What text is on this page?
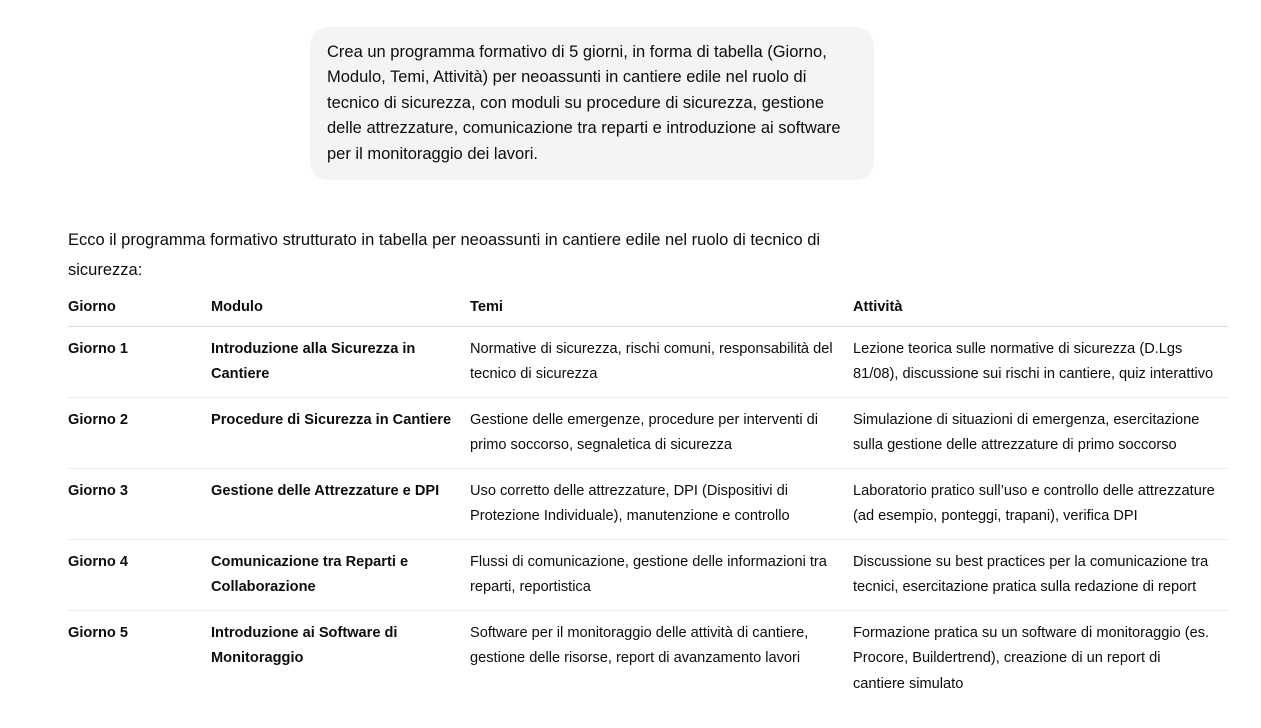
Crea un programma formativo di 5 giorni, in forma di tabella (Giorno, Modulo, Temi, Attività) per neoassunti in cantiere edile nel ruolo di tecnico di sicurezza, con moduli su procedure di sicurezza, gestione delle attrezzature, comunicazione tra reparti e introduzione ai software per il monitoraggio dei lavori.

Ecco il programma formativo strutturato in tabella per neoassunti in cantiere edile nel ruolo di tecnico di sicurezza:

Giorno	Modulo	Temi	Attività
Giorno 1	Introduzione alla Sicurezza in Cantiere	Normative di sicurezza, rischi comuni, responsabilità del tecnico di sicurezza	Lezione teorica sulle normative di sicurezza (D.Lgs 81/08), discussione sui rischi in cantiere, quiz interattivo
Giorno 2	Procedure di Sicurezza in Cantiere	Gestione delle emergenze, procedure per interventi di primo soccorso, segnaletica di sicurezza	Simulazione di situazioni di emergenza, esercitazione sulla gestione delle attrezzature di primo soccorso
Giorno 3	Gestione delle Attrezzature e DPI	Uso corretto delle attrezzature, DPI (Dispositivi di Protezione Individuale), manutenzione e controllo	Laboratorio pratico sull’uso e controllo delle attrezzature (ad esempio, ponteggi, trapani), verifica DPI
Giorno 4	Comunicazione tra Reparti e Collaborazione	Flussi di comunicazione, gestione delle informazioni tra reparti, reportistica	Discussione su best practices per la comunicazione tra tecnici, esercitazione pratica sulla redazione di report
Giorno 5	Introduzione ai Software di Monitoraggio	Software per il monitoraggio delle attività di cantiere, gestione delle risorse, report di avanzamento lavori	Formazione pratica su un software di monitoraggio (es. Procore, Buildertrend), creazione di un report di cantiere simulato
